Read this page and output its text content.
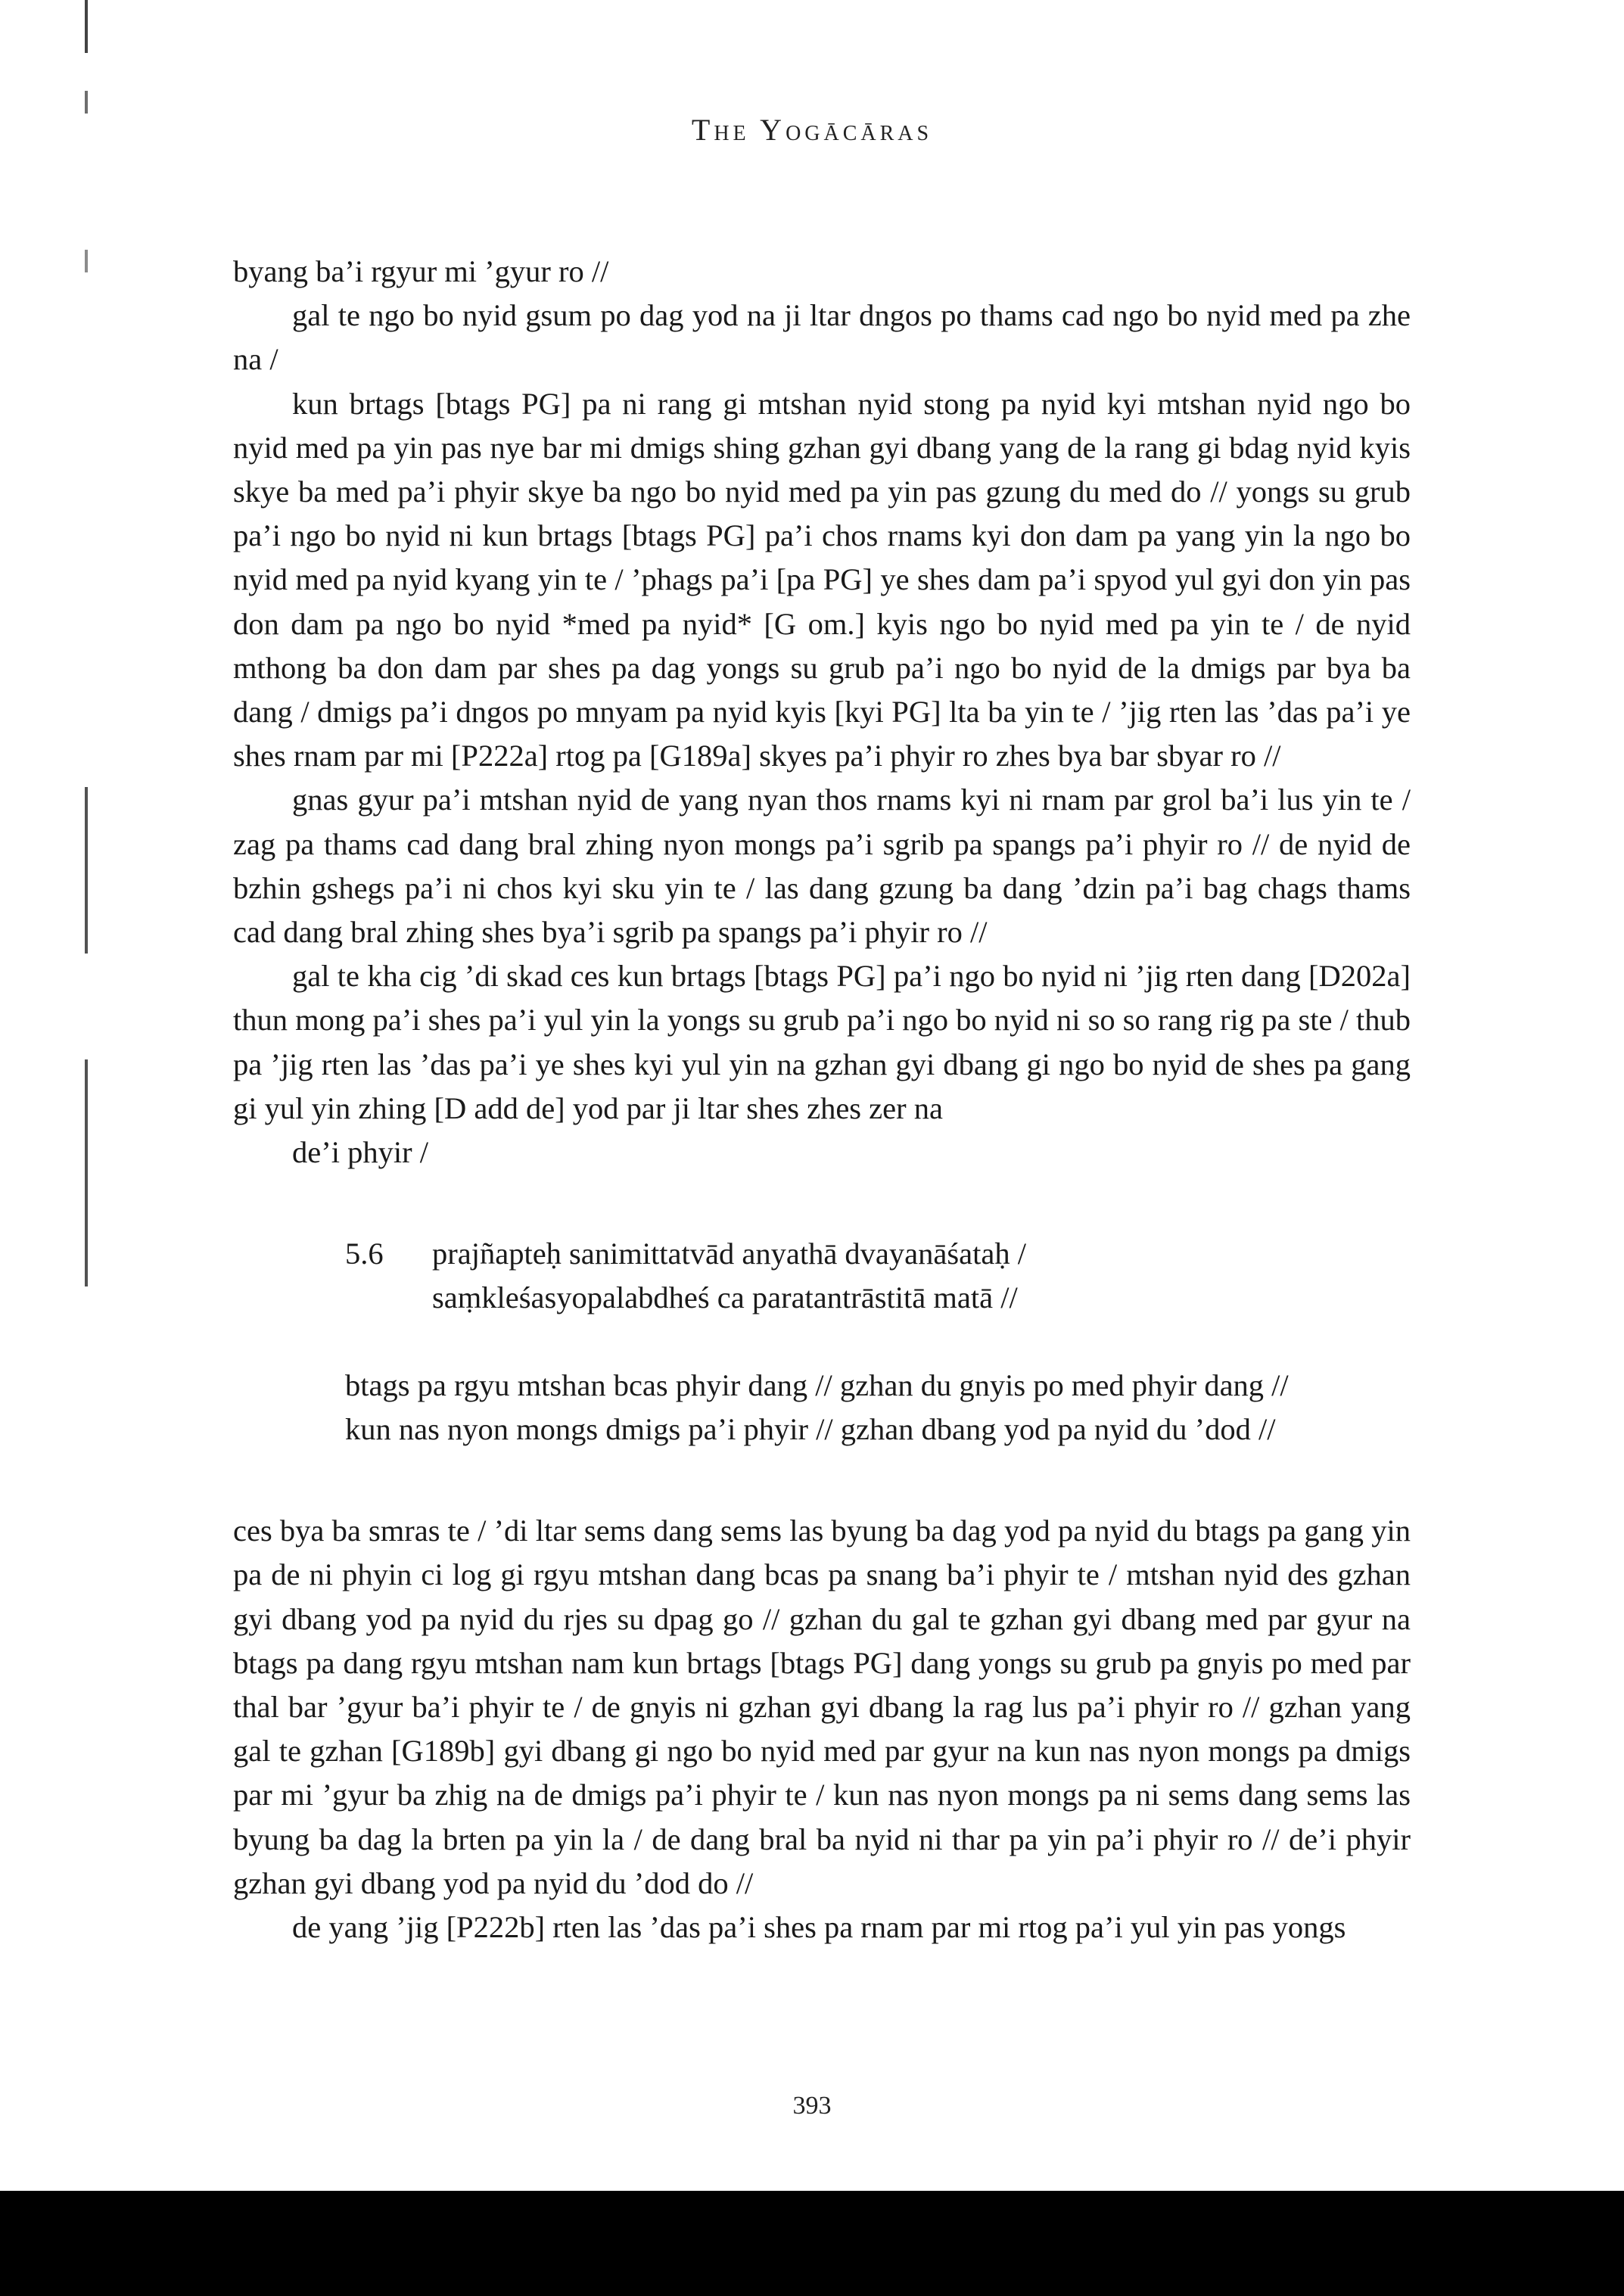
The Yogācāras

byang ba’i rgyur mi ’gyur ro //

gal te ngo bo nyid gsum po dag yod na ji ltar dngos po thams cad ngo bo nyid med pa zhe na /

kun brtags [btags PG] pa ni rang gi mtshan nyid stong pa nyid kyi mtshan nyid ngo bo nyid med pa yin pas nye bar mi dmigs shing gzhan gyi dbang yang de la rang gi bdag nyid kyis skye ba med pa’i phyir skye ba ngo bo nyid med pa yin pas gzung du med do // yongs su grub pa’i ngo bo nyid ni kun brtags [btags PG] pa’i chos rnams kyi don dam pa yang yin la ngo bo nyid med pa nyid kyang yin te / ’phags pa’i [pa PG] ye shes dam pa’i spyod yul gyi don yin pas don dam pa ngo bo nyid *med pa nyid* [G om.] kyis ngo bo nyid med pa yin te / de nyid mthong ba don dam par shes pa dag yongs su grub pa’i ngo bo nyid de la dmigs par bya ba dang / dmigs pa’i dngos po mnyam pa nyid kyis [kyi PG] lta ba yin te / ’jig rten las ’das pa’i ye shes rnam par mi [P222a] rtog pa [G189a] skyes pa’i phyir ro zhes bya bar sbyar ro //

gnas gyur pa’i mtshan nyid de yang nyan thos rnams kyi ni rnam par grol ba’i lus yin te / zag pa thams cad dang bral zhing nyon mongs pa’i sgrib pa spangs pa’i phyir ro // de nyid de bzhin gshegs pa’i ni chos kyi sku yin te / las dang gzung ba dang ’dzin pa’i bag chags thams cad dang bral zhing shes bya’i sgrib pa spangs pa’i phyir ro //

gal te kha cig ’di skad ces kun brtags [btags PG] pa’i ngo bo nyid ni ’jig rten dang [D202a] thun mong pa’i shes pa’i yul yin la yongs su grub pa’i ngo bo nyid ni so so rang rig pa ste / thub pa ’jig rten las ’das pa’i ye shes kyi yul yin na gzhan gyi dbang gi ngo bo nyid de shes pa gang gi yul yin zhing [D add de] yod par ji ltar shes zhes zer na

de’i phyir /

5.6	prajñapteḥ sanimittatvād anyathā dvayanāśataḥ /
saṃkleśasyopalabdheś ca paratantrāstitā matā //
btags pa rgyu mtshan bcas phyir dang // gzhan du gnyis po med phyir dang //
kun nas nyon mongs dmigs pa’i phyir // gzhan dbang yod pa nyid du ’dod //

ces bya ba smras te / ’di ltar sems dang sems las byung ba dag yod pa nyid du btags pa gang yin pa de ni phyin ci log gi rgyu mtshan dang bcas pa snang ba’i phyir te / mtshan nyid des gzhan gyi dbang yod pa nyid du rjes su dpag go // gzhan du gal te gzhan gyi dbang med par gyur na btags pa dang rgyu mtshan nam kun brtags [btags PG] dang yongs su grub pa gnyis po med par thal bar ’gyur ba’i phyir te / de gnyis ni gzhan gyi dbang la rag lus pa’i phyir ro // gzhan yang gal te gzhan [G189b] gyi dbang gi ngo bo nyid med par gyur na kun nas nyon mongs pa dmigs par mi ’gyur ba zhig na de dmigs pa’i phyir te / kun nas nyon mongs pa ni sems dang sems las byung ba dag la brten pa yin la / de dang bral ba nyid ni thar pa yin pa’i phyir ro // de’i phyir gzhan gyi dbang yod pa nyid du ’dod do //

de yang ’jig [P222b] rten las ’das pa’i shes pa rnam par mi rtog pa’i yul yin pas yongs

393
